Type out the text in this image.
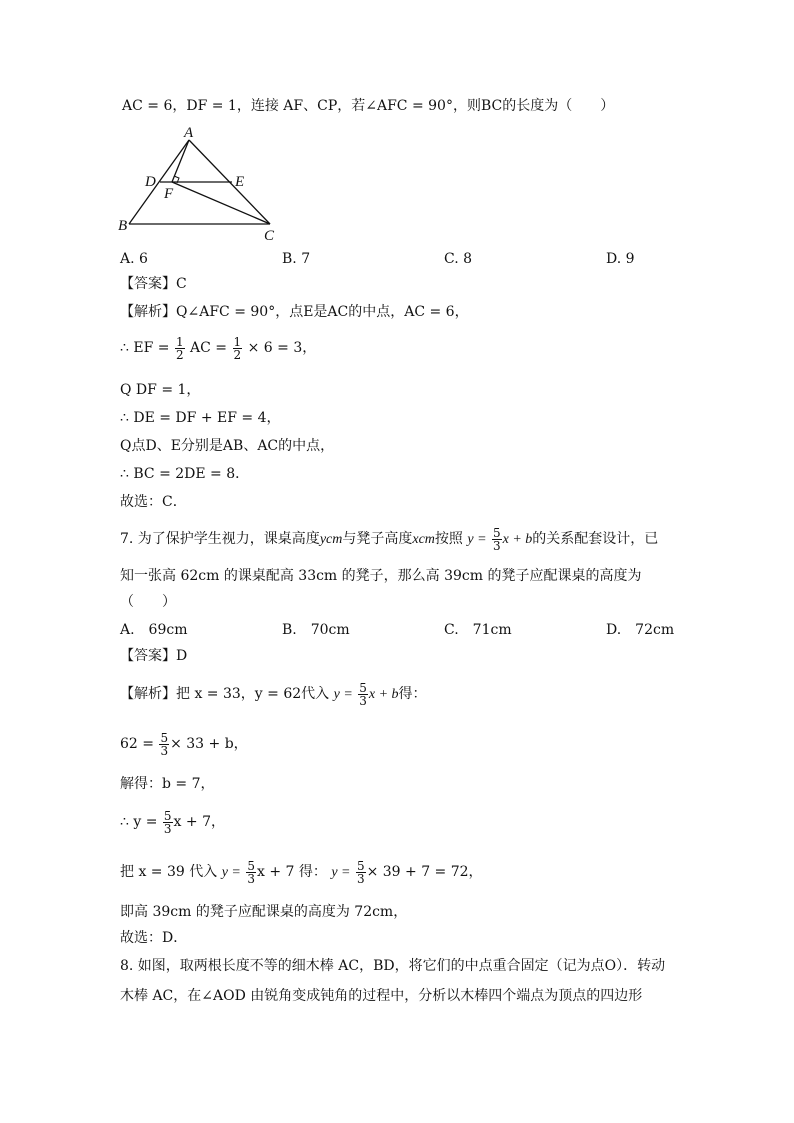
AC = 6，DF = 1，连接 AF、CP，若∠AFC = 90°，则BC的长度为（　　）
A
D	E
F
B
C
A. 6	B. 7	C. 8	D. 9
【答案】C
【解析】Q∠AFC = 90°，点E是AC的中点，AC = 6，
∴ EF = $\frac{1}{2}$ AC = $\frac{1}{2} \times 6 = 3$，
Q DF = 1，
∴ DE = DF + EF = 4，
Q点D、E分别是AB、AC的中点，
∴ BC = 2DE = 8．
故选：C．
7. 为了保护学生视力，课桌高度ycm与凳子高度xcm按照 $y = \frac{5}{3}$ x + b的关系配套设计，已
知一张高 62cm 的课桌配高 33cm 的凳子，那么高 39cm 的凳子应配课桌的高度为
（　　）
A.　69cm	B.　70cm	C.　71cm	D.　72cm
【答案】D
【解析】把 x = 33，y = 62代入 $y = \frac{5}{3}$ x + b得：
$62 = \frac{5}{3} \times 33 + b$，
解得：b = 7，
∴ $y = \frac{5}{3}$ x + 7，
把 x = 39 代入 $y = \frac{5}{3}$ x + 7 得： $y = \frac{5}{3} \times 39 + 7 = 72$，
即高 39cm 的凳子应配课桌的高度为 72cm，
故选：D．
8. 如图，取两根长度不等的细木棒 AC，BD，将它们的中点重合固定（记为点O）．转动
木棒 AC，在∠AOD 由锐角变成钝角的过程中，分析以木棒四个端点为顶点的四边形
